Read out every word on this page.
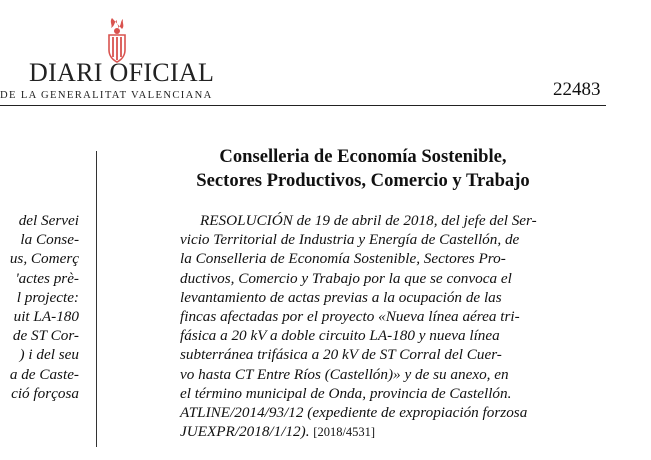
DIARI OFICIAL
DE LA GENERALITAT VALENCIANA	22483
del Servei
la Conse-
us, Comerç
'actes prè-
l projecte:
uit LA-180
de ST Cor-
) i del seu
a de Caste-
ció forçosa
Conselleria de Economía Sostenible,
Sectores Productivos, Comercio y Trabajo
RESOLUCIÓN de 19 de abril de 2018, del jefe del Ser-
vicio Territorial de Industria y Energía de Castellón, de
la Conselleria de Economía Sostenible, Sectores Pro-
ductivos, Comercio y Trabajo por la que se convoca el
levantamiento de actas previas a la ocupación de las
fincas afectadas por el proyecto «Nueva línea aérea tri-
fásica a 20 kV a doble circuito LA-180 y nueva línea
subterránea trifásica a 20 kV de ST Corral del Cuer-
vo hasta CT Entre Ríos (Castellón)» y de su anexo, en
el término municipal de Onda, provincia de Castellón.
ATLINE/2014/93/12 (expediente de expropiación forzosa
JUEXPR/2018/1/12). [2018/4531]
